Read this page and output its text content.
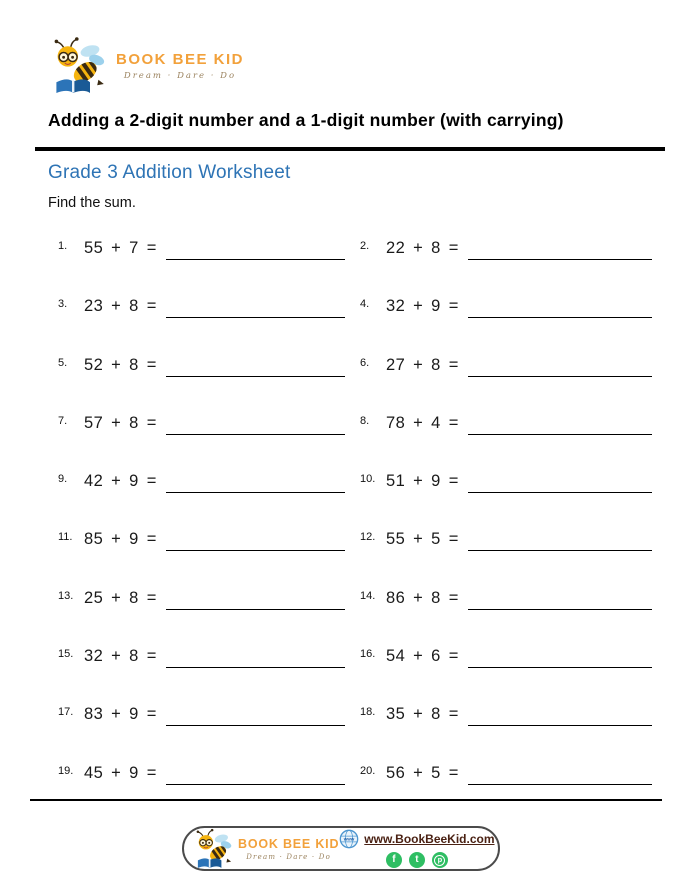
BOOK BEE KID
Dream · Dare · Do
Adding a 2-digit number and a 1-digit number (with carrying)
Grade 3 Addition Worksheet
Find the sum.
1.	55 + 7 =	2.	22 + 8 =
3.	23 + 8 =	4.	32 + 9 =
5.	52 + 8 =	6.	27 + 8 =
7.	57 + 8 =	8.	78 + 4 =
9.	42 + 9 =	10. 51 + 9 =
11. 85 + 9 =	12. 55 + 5 =
13. 25 + 8 =	14. 86 + 8 =
15. 32 + 8 =	16. 54 + 6 =
17. 83 + 9 =	18. 35 + 8 =
19. 45 + 9 =	20. 56 + 5 =
BOOK BEE KID
Dream · Dare · Do
www www.BookBeeKid.com
f	t	p
